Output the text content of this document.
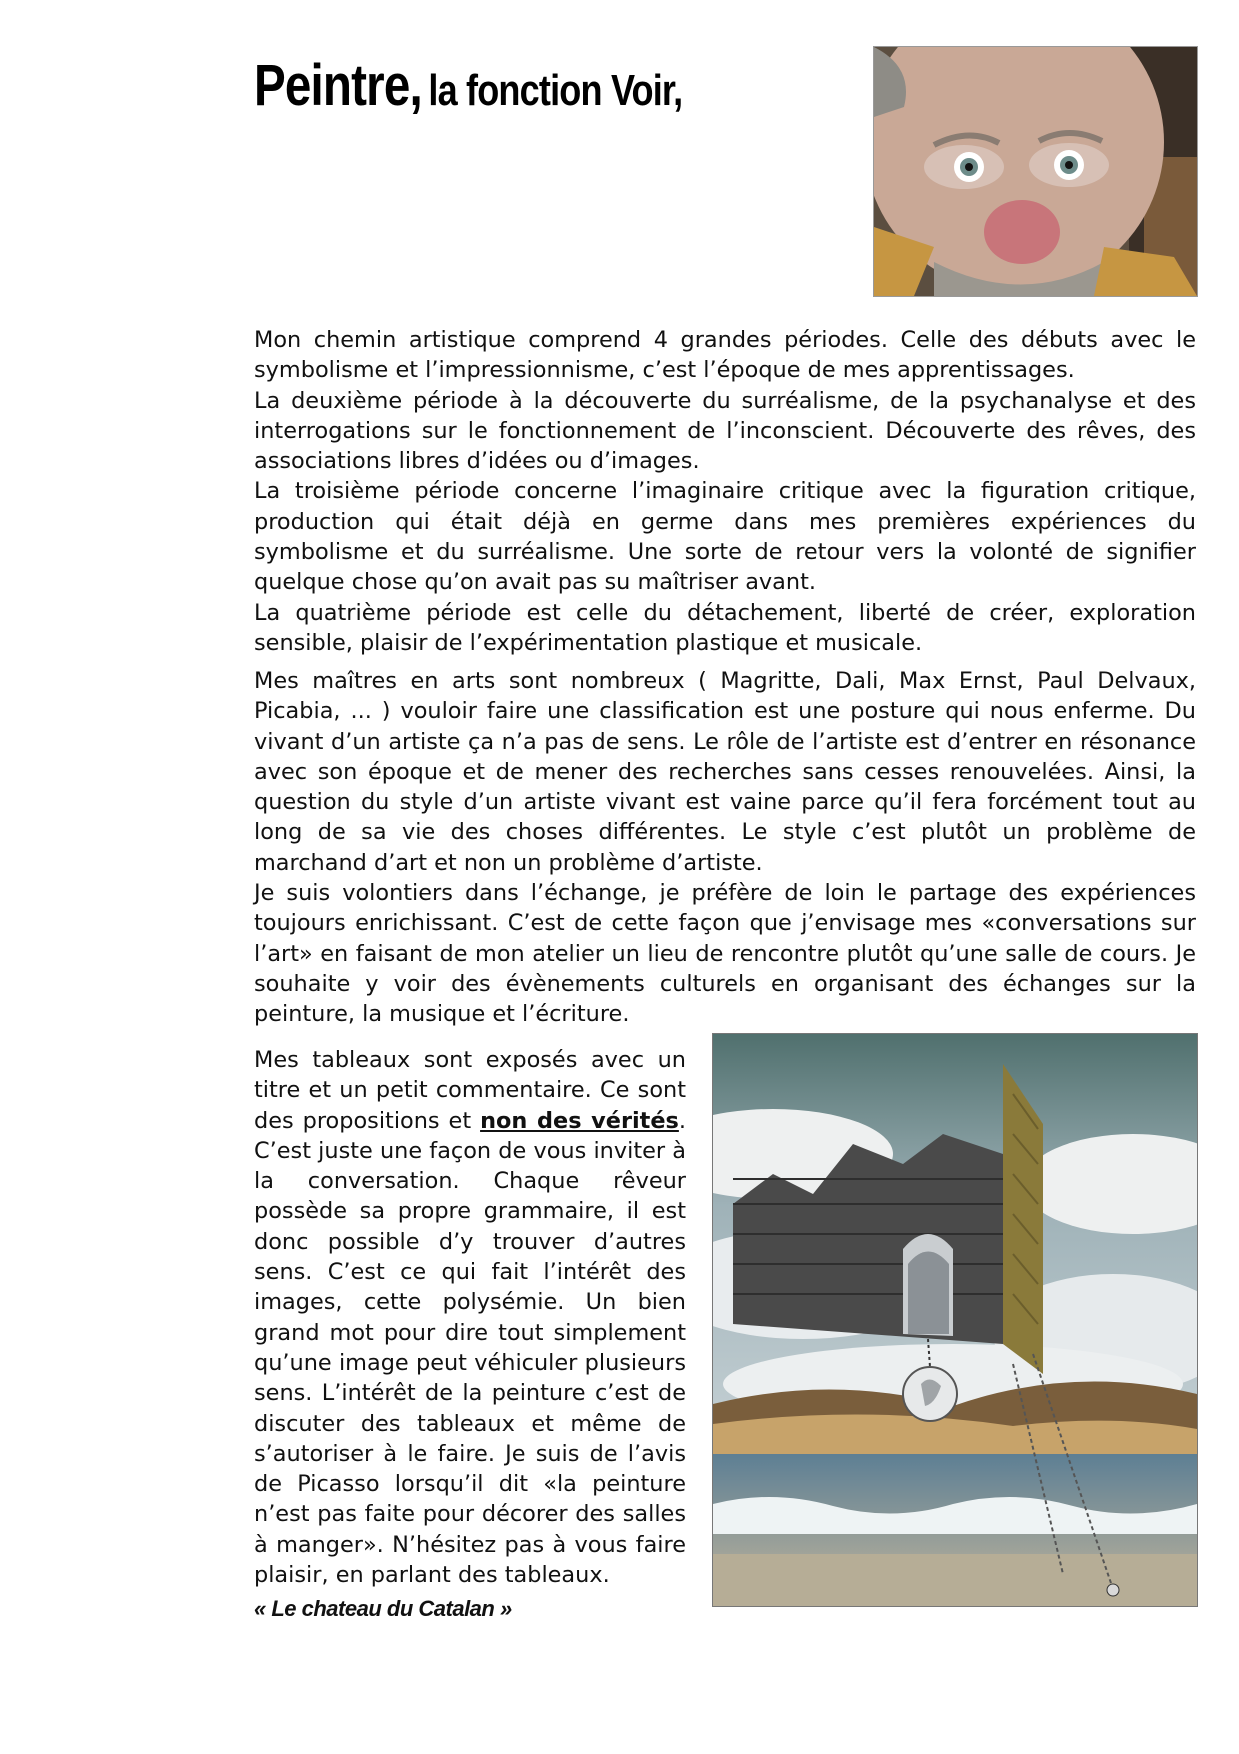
Peintre, la fonction Voir,

Mon chemin artistique comprend 4 grandes périodes. Celle des débuts avec le symbolisme et l’impressionnisme, c’est l’époque de mes apprentissages.

La deuxième période à la découverte du surréalisme, de la psychanalyse et des interrogations sur le fonctionnement de l’inconscient. Découverte des rêves, des associations libres d’idées ou d’images.

La troisième période concerne l’imaginaire critique avec la figuration critique, production qui était déjà en germe dans mes premières expériences du symbolisme et du surréalisme. Une sorte de retour vers la volonté de signifier quelque chose qu’on avait pas su maîtriser avant.

La quatrième période est celle du détachement, liberté de créer, exploration sensible, plaisir de l’expérimentation plastique et musicale.

Mes maîtres en arts sont nombreux ( Magritte, Dali, Max Ernst, Paul Delvaux, Picabia, ... ) vouloir faire une classification est une posture qui nous enferme. Du vivant d’un artiste ça n’a pas de sens. Le rôle de l’artiste est d’entrer en résonance avec son époque et de mener des recherches sans cesses renouvelées. Ainsi, la question du style d’un artiste vivant est vaine parce qu’il fera forcément tout au long de sa vie des choses différentes. Le style c’est plutôt un problème de marchand d’art et non un problème d’artiste.

Je suis volontiers dans l’échange, je préfère de loin le partage des expériences toujours enrichissant. C’est de cette façon que j’envisage mes «conversations sur l’art» en faisant de mon atelier un lieu de rencontre plutôt qu’une salle de cours. Je souhaite y voir des évènements culturels en organisant des échanges sur la peinture, la musique et l’écriture.

Mes tableaux sont exposés avec un titre et un petit commentaire. Ce sont des propositions et non des vérités. C’est juste une façon de vous inviter à la conversation. Chaque rêveur possède sa propre grammaire, il est donc possible d’y trouver d’autres sens. C’est ce qui fait l’intérêt des images, cette polysémie. Un bien grand mot pour dire tout simplement qu’une image peut véhiculer plusieurs sens. L’intérêt de la peinture c’est de discuter des tableaux et même de s’autoriser à le faire. Je suis de l’avis de Picasso lorsqu’il dit «la peinture n’est pas faite pour décorer des salles à manger». N’hésitez pas à vous faire plaisir, en parlant des tableaux.

« Le chateau du Catalan »
